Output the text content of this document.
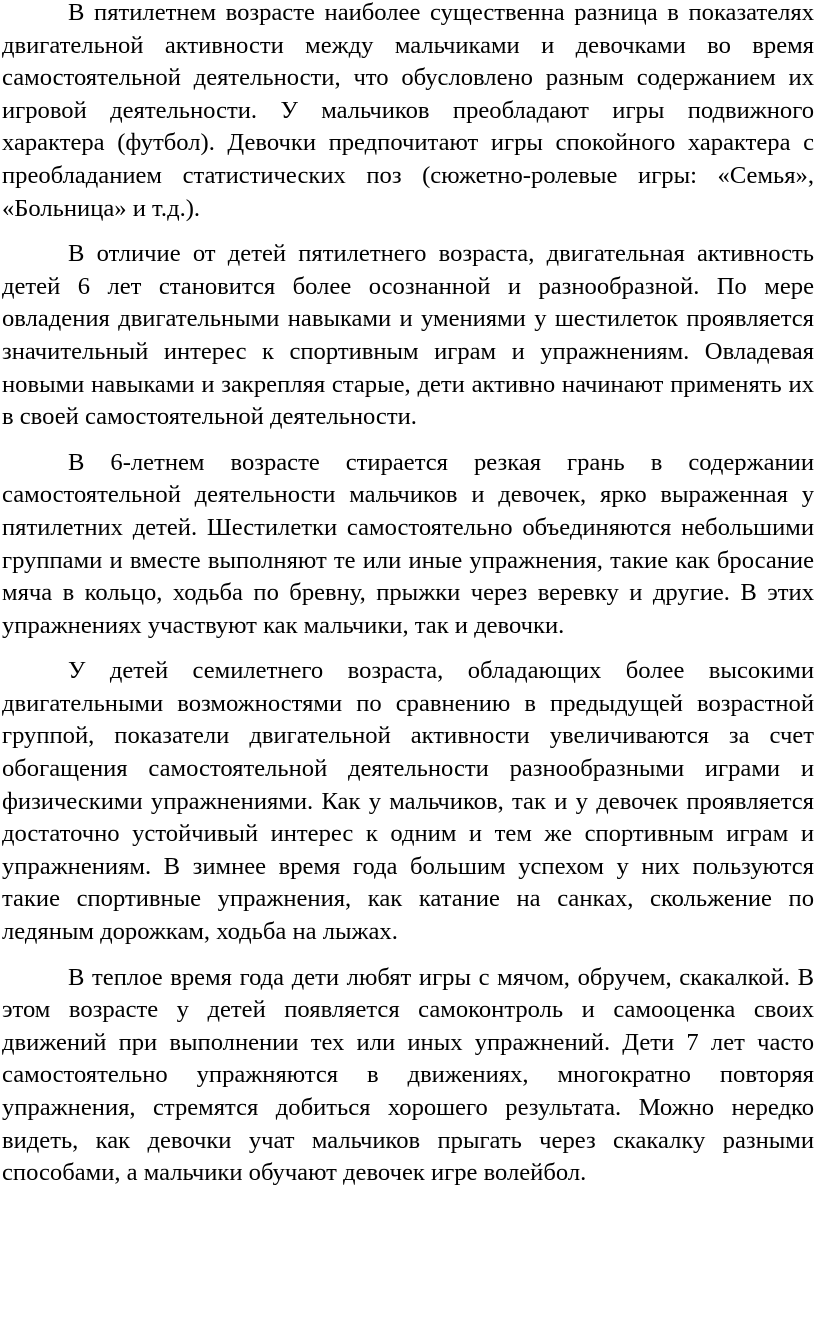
В пятилетнем возрасте наиболее существенна разница в показателях двигательной активности между мальчиками и девочками во время самостоятельной деятельности, что обусловлено разным содержанием их игровой деятельности. У мальчиков преобладают игры подвижного характера (футбол). Девочки предпочитают игры спокойного характера с преобладанием статистических поз (сюжетно-ролевые игры: «Семья», «Больница» и т.д.).

В отличие от детей пятилетнего возраста, двигательная активность детей 6 лет становится более осознанной и разнообразной. По мере овладения двигательными навыками и умениями у шестилеток проявляется значительный интерес к спортивным играм и упражнениям. Овладевая новыми навыками и закрепляя старые, дети активно начинают применять их в своей самостоятельной деятельности.

В 6-летнем возрасте стирается резкая грань в содержании самостоятельной деятельности мальчиков и девочек, ярко выраженная у пятилетних детей. Шестилетки самостоятельно объединяются небольшими группами и вместе выполняют те или иные упражнения, такие как бросание мяча в кольцо, ходьба по бревну, прыжки через веревку и другие. В этих упражнениях участвуют как мальчики, так и девочки.

У детей семилетнего возраста, обладающих более высокими двигательными возможностями по сравнению в предыдущей возрастной группой, показатели двигательной активности увеличиваются за счет обогащения самостоятельной деятельности разнообразными играми и физическими упражнениями. Как у мальчиков, так и у девочек проявляется достаточно устойчивый интерес к одним и тем же спортивным играм и упражнениям. В зимнее время года большим успехом у них пользуются такие спортивные упражнения, как катание на санках, скольжение по ледяным дорожкам, ходьба на лыжах.

В теплое время года дети любят игры с мячом, обручем, скакалкой. В этом возрасте у детей появляется самоконтроль и самооценка своих движений при выполнении тех или иных упражнений. Дети 7 лет часто самостоятельно упражняются в движениях, многократно повторяя упражнения, стремятся добиться хорошего результата. Можно нередко видеть, как девочки учат мальчиков прыгать через скакалку разными способами, а мальчики обучают девочек игре волейбол.
